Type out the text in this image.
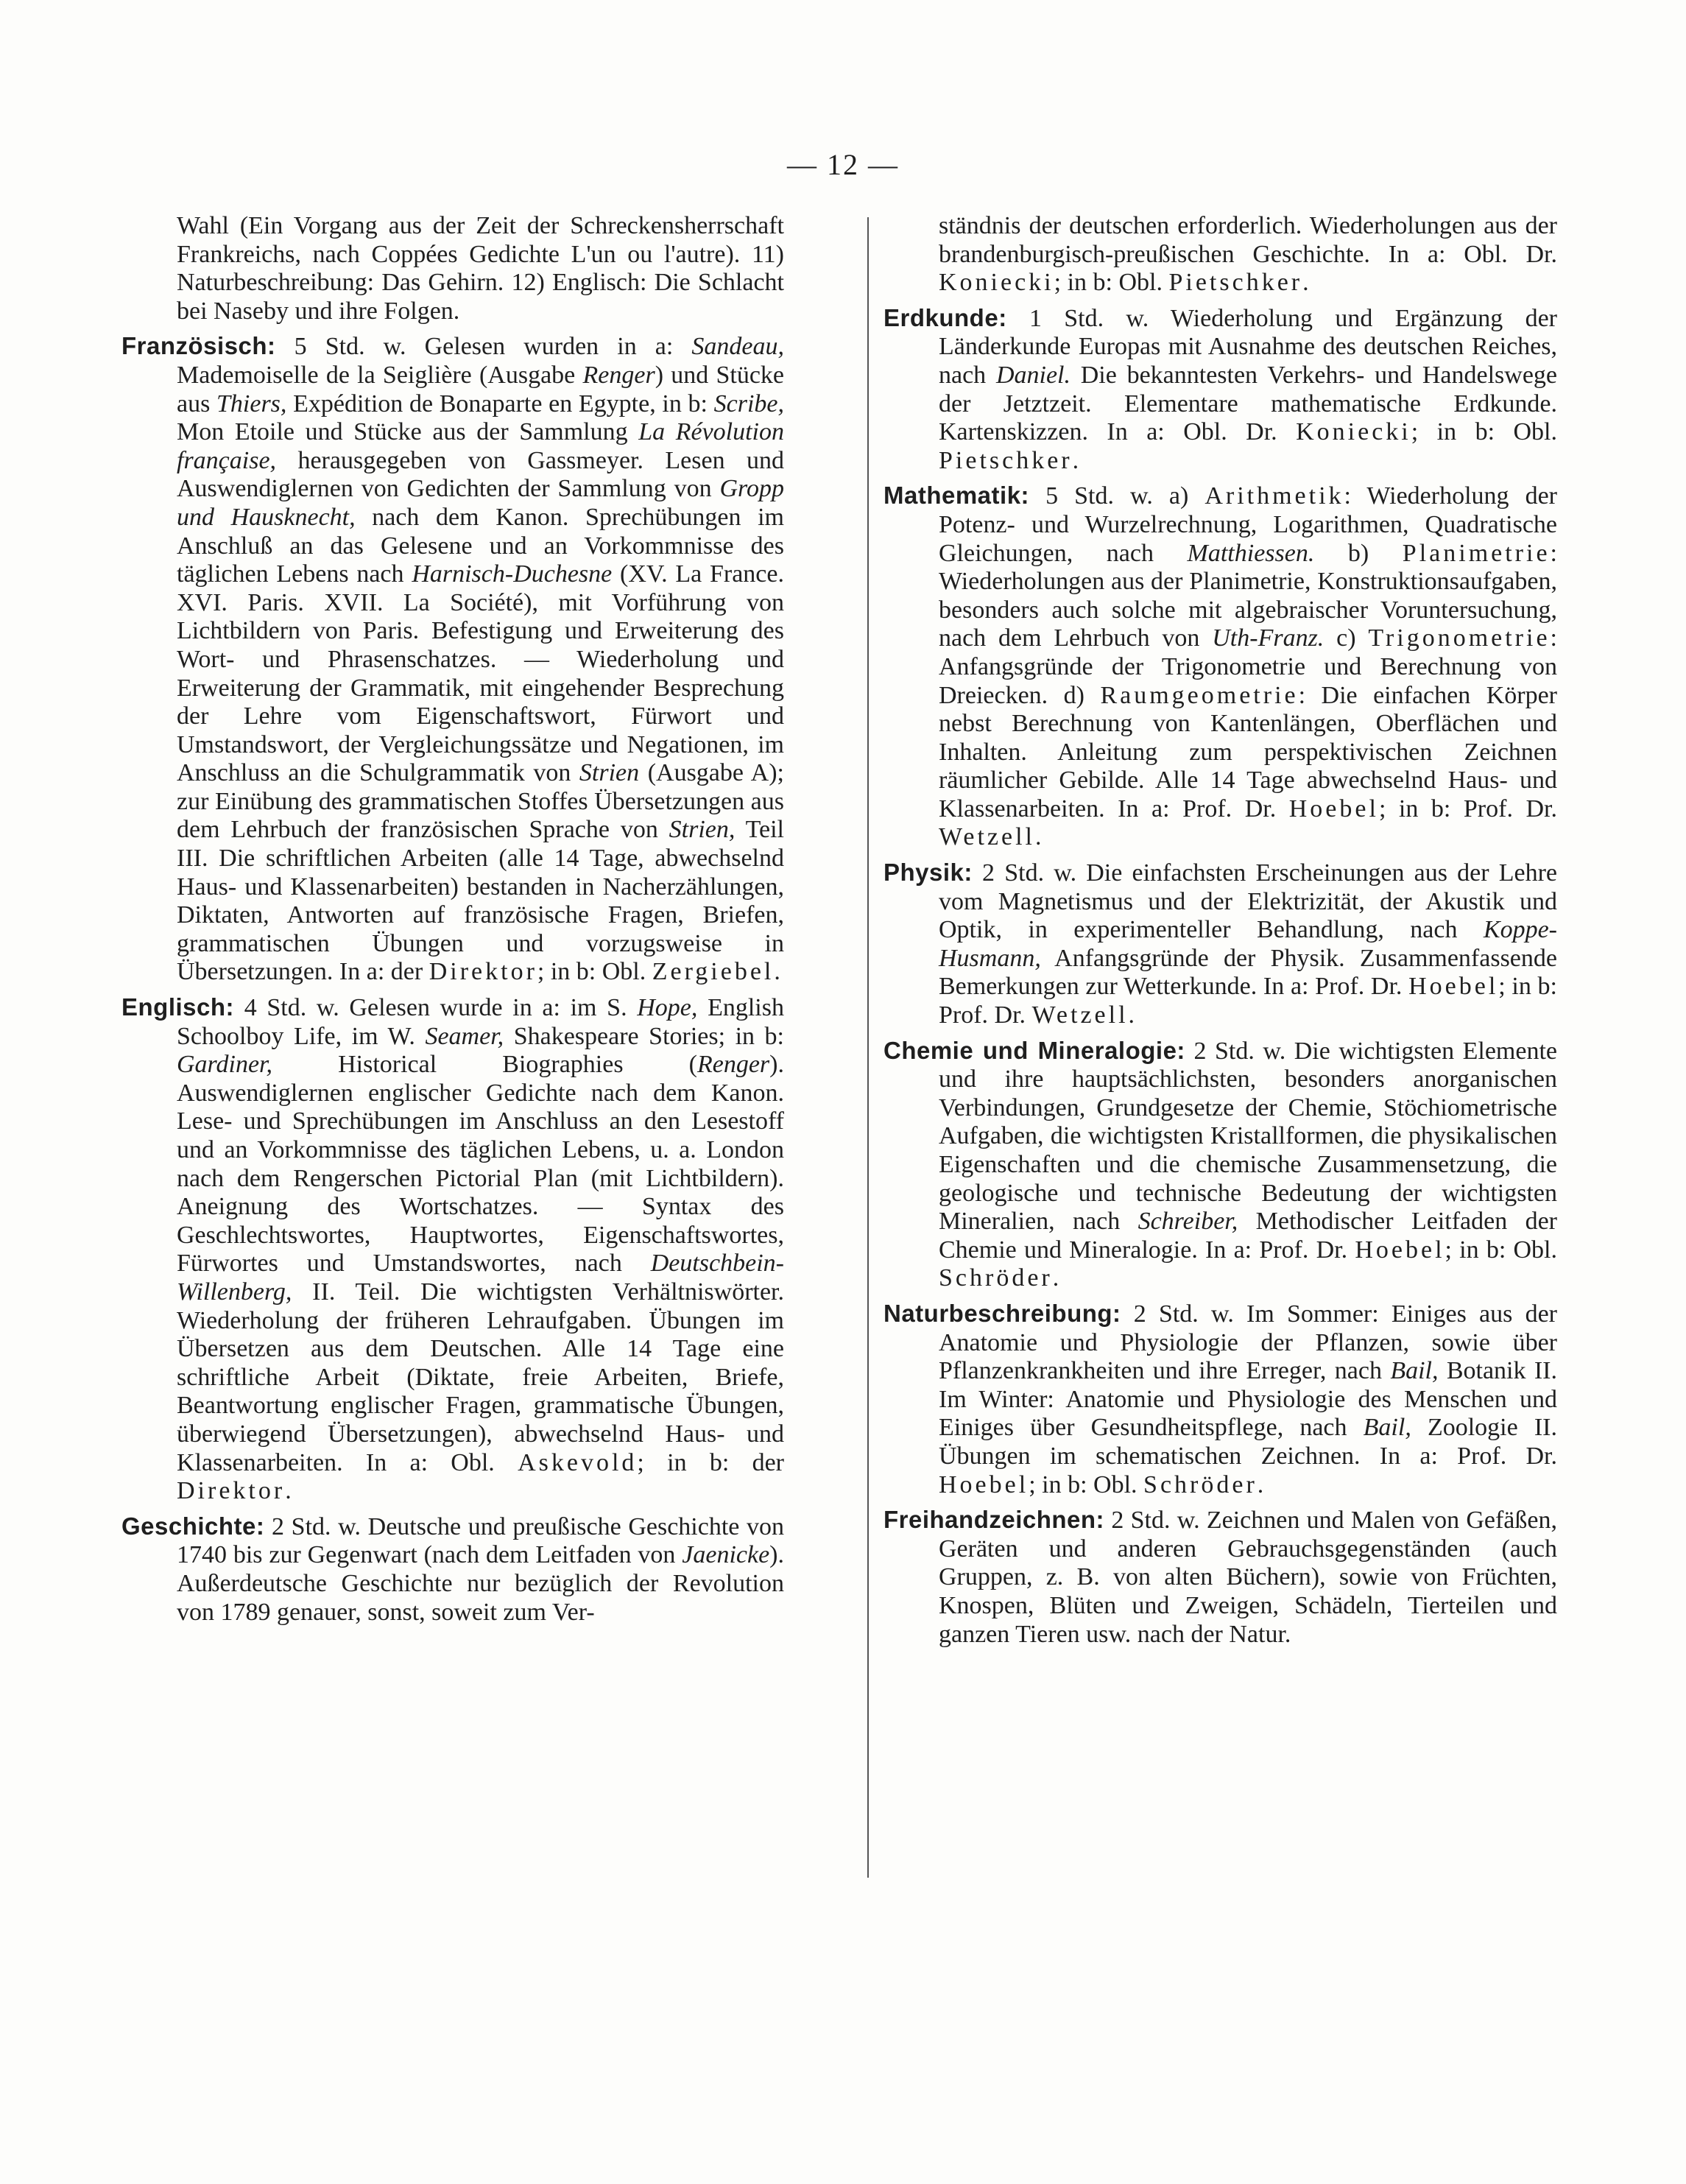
— 12 —

Wahl (Ein Vorgang aus der Zeit der Schreckensherrschaft Frankreichs, nach Coppées Gedichte L'un ou l'autre). 11) Naturbeschreibung: Das Gehirn. 12) Englisch: Die Schlacht bei Naseby und ihre Folgen.

Französisch: 5 Std. w. Gelesen wurden in a: Sandeau, Mademoiselle de la Seiglière (Ausgabe Renger) und Stücke aus Thiers, Expédition de Bonaparte en Egypte, in b: Scribe, Mon Etoile und Stücke aus der Sammlung La Révolution française, herausgegeben von Gassmeyer. Lesen und Auswendiglernen von Gedichten der Sammlung von Gropp und Hausknecht, nach dem Kanon. Sprechübungen im Anschluß an das Gelesene und an Vorkommnisse des täglichen Lebens nach Harnisch-Duchesne (XV. La France. XVI. Paris. XVII. La Société), mit Vorführung von Lichtbildern von Paris. Befestigung und Erweiterung des Wort- und Phrasenschatzes. — Wiederholung und Erweiterung der Grammatik, mit eingehender Besprechung der Lehre vom Eigenschaftswort, Fürwort und Umstandswort, der Vergleichungssätze und Negationen, im Anschluss an die Schulgrammatik von Strien (Ausgabe A); zur Einübung des grammatischen Stoffes Übersetzungen aus dem Lehrbuch der französischen Sprache von Strien, Teil III. Die schriftlichen Arbeiten (alle 14 Tage, abwechselnd Haus- und Klassenarbeiten) bestanden in Nacherzählungen, Diktaten, Antworten auf französische Fragen, Briefen, grammatischen Übungen und vorzugsweise in Übersetzungen. In a: der Direktor; in b: Obl. Zergiebel.

Englisch: 4 Std. w. Gelesen wurde in a: im S. Hope, English Schoolboy Life, im W. Seamer, Shakespeare Stories; in b: Gardiner, Historical Biographies (Renger). Auswendiglernen englischer Gedichte nach dem Kanon. Lese- und Sprechübungen im Anschluss an den Lesestoff und an Vorkommnisse des täglichen Lebens, u. a. London nach dem Rengerschen Pictorial Plan (mit Lichtbildern). Aneignung des Wortschatzes. — Syntax des Geschlechtswortes, Hauptwortes, Eigenschaftswortes, Fürwortes und Umstandswortes, nach Deutschbein-Willenberg, II. Teil. Die wichtigsten Verhältniswörter. Wiederholung der früheren Lehraufgaben. Übungen im Übersetzen aus dem Deutschen. Alle 14 Tage eine schriftliche Arbeit (Diktate, freie Arbeiten, Briefe, Beantwortung englischer Fragen, grammatische Übungen, überwiegend Übersetzungen), abwechselnd Haus- und Klassenarbeiten. In a: Obl. Askevold; in b: der Direktor.

Geschichte: 2 Std. w. Deutsche und preußische Geschichte von 1740 bis zur Gegenwart (nach dem Leitfaden von Jaenicke). Außerdeutsche Geschichte nur bezüglich der Revolution von 1789 genauer, sonst, soweit zum Ver-

ständnis der deutschen erforderlich. Wiederholungen aus der brandenburgisch-preußischen Geschichte. In a: Obl. Dr. Koniecki; in b: Obl. Pietschker.

Erdkunde: 1 Std. w. Wiederholung und Ergänzung der Länderkunde Europas mit Ausnahme des deutschen Reiches, nach Daniel. Die bekanntesten Verkehrs- und Handelswege der Jetztzeit. Elementare mathematische Erdkunde. Kartenskizzen. In a: Obl. Dr. Koniecki; in b: Obl. Pietschker.

Mathematik: 5 Std. w. a) Arithmetik: Wiederholung der Potenz- und Wurzelrechnung, Logarithmen, Quadratische Gleichungen, nach Matthiessen. b) Planimetrie: Wiederholungen aus der Planimetrie, Konstruktionsaufgaben, besonders auch solche mit algebraischer Voruntersuchung, nach dem Lehrbuch von Uth-Franz. c) Trigonometrie: Anfangsgründe der Trigonometrie und Berechnung von Dreiecken. d) Raumgeometrie: Die einfachen Körper nebst Berechnung von Kantenlängen, Oberflächen und Inhalten. Anleitung zum perspektivischen Zeichnen räumlicher Gebilde. Alle 14 Tage abwechselnd Haus- und Klassenarbeiten. In a: Prof. Dr. Hoebel; in b: Prof. Dr. Wetzell.

Physik: 2 Std. w. Die einfachsten Erscheinungen aus der Lehre vom Magnetismus und der Elektrizität, der Akustik und Optik, in experimenteller Behandlung, nach Koppe-Husmann, Anfangsgründe der Physik. Zusammenfassende Bemerkungen zur Wetterkunde. In a: Prof. Dr. Hoebel; in b: Prof. Dr. Wetzell.

Chemie und Mineralogie: 2 Std. w. Die wichtigsten Elemente und ihre hauptsächlichsten, besonders anorganischen Verbindungen, Grundgesetze der Chemie, Stöchiometrische Aufgaben, die wichtigsten Kristallformen, die physikalischen Eigenschaften und die chemische Zusammensetzung, die geologische und technische Bedeutung der wichtigsten Mineralien, nach Schreiber, Methodischer Leitfaden der Chemie und Mineralogie. In a: Prof. Dr. Hoebel; in b: Obl. Schröder.

Naturbeschreibung: 2 Std. w. Im Sommer: Einiges aus der Anatomie und Physiologie der Pflanzen, sowie über Pflanzenkrankheiten und ihre Erreger, nach Bail, Botanik II. Im Winter: Anatomie und Physiologie des Menschen und Einiges über Gesundheitspflege, nach Bail, Zoologie II. Übungen im schematischen Zeichnen. In a: Prof. Dr. Hoebel; in b: Obl. Schröder.

Freihandzeichnen: 2 Std. w. Zeichnen und Malen von Gefäßen, Geräten und anderen Gebrauchsgegenständen (auch Gruppen, z. B. von alten Büchern), sowie von Früchten, Knospen, Blüten und Zweigen, Schädeln, Tierteilen und ganzen Tieren usw. nach der Natur.
